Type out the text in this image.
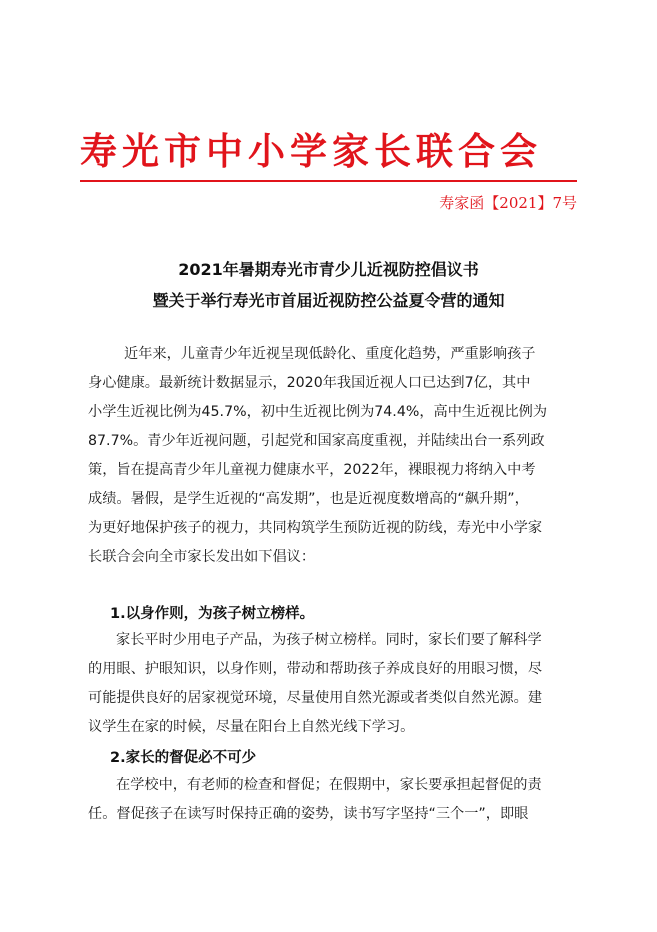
寿光市中小学家长联合会
寿家函【2021】7号
2021年暑期寿光市青少儿近视防控倡议书
暨关于举行寿光市首届近视防控公益夏令营的通知
近年来，儿童青少年近视呈现低龄化、重度化趋势，严重影响孩子
身心健康。最新统计数据显示，2020年我国近视人口已达到7亿，其中
小学生近视比例为45.7%，初中生近视比例为74.4%，高中生近视比例为
87.7%。青少年近视问题，引起党和国家高度重视，并陆续出台一系列政
策，旨在提高青少年儿童视力健康水平，2022年，裸眼视力将纳入中考
成绩。暑假，是学生近视的“高发期”，也是近视度数增高的“飙升期”，
为更好地保护孩子的视力，共同构筑学生预防近视的防线，寿光中小学家
长联合会向全市家长发出如下倡议：
1.以身作则，为孩子树立榜样。
家长平时少用电子产品，为孩子树立榜样。同时，家长们要了解科学
的用眼、护眼知识，以身作则，带动和帮助孩子养成良好的用眼习惯，尽
可能提供良好的居家视觉环境，尽量使用自然光源或者类似自然光源。建
议学生在家的时候，尽量在阳台上自然光线下学习。
2.家长的督促必不可少
在学校中，有老师的检查和督促；在假期中，家长要承担起督促的责
任。督促孩子在读写时保持正确的姿势，读书写字坚持“三个一”，即眼
